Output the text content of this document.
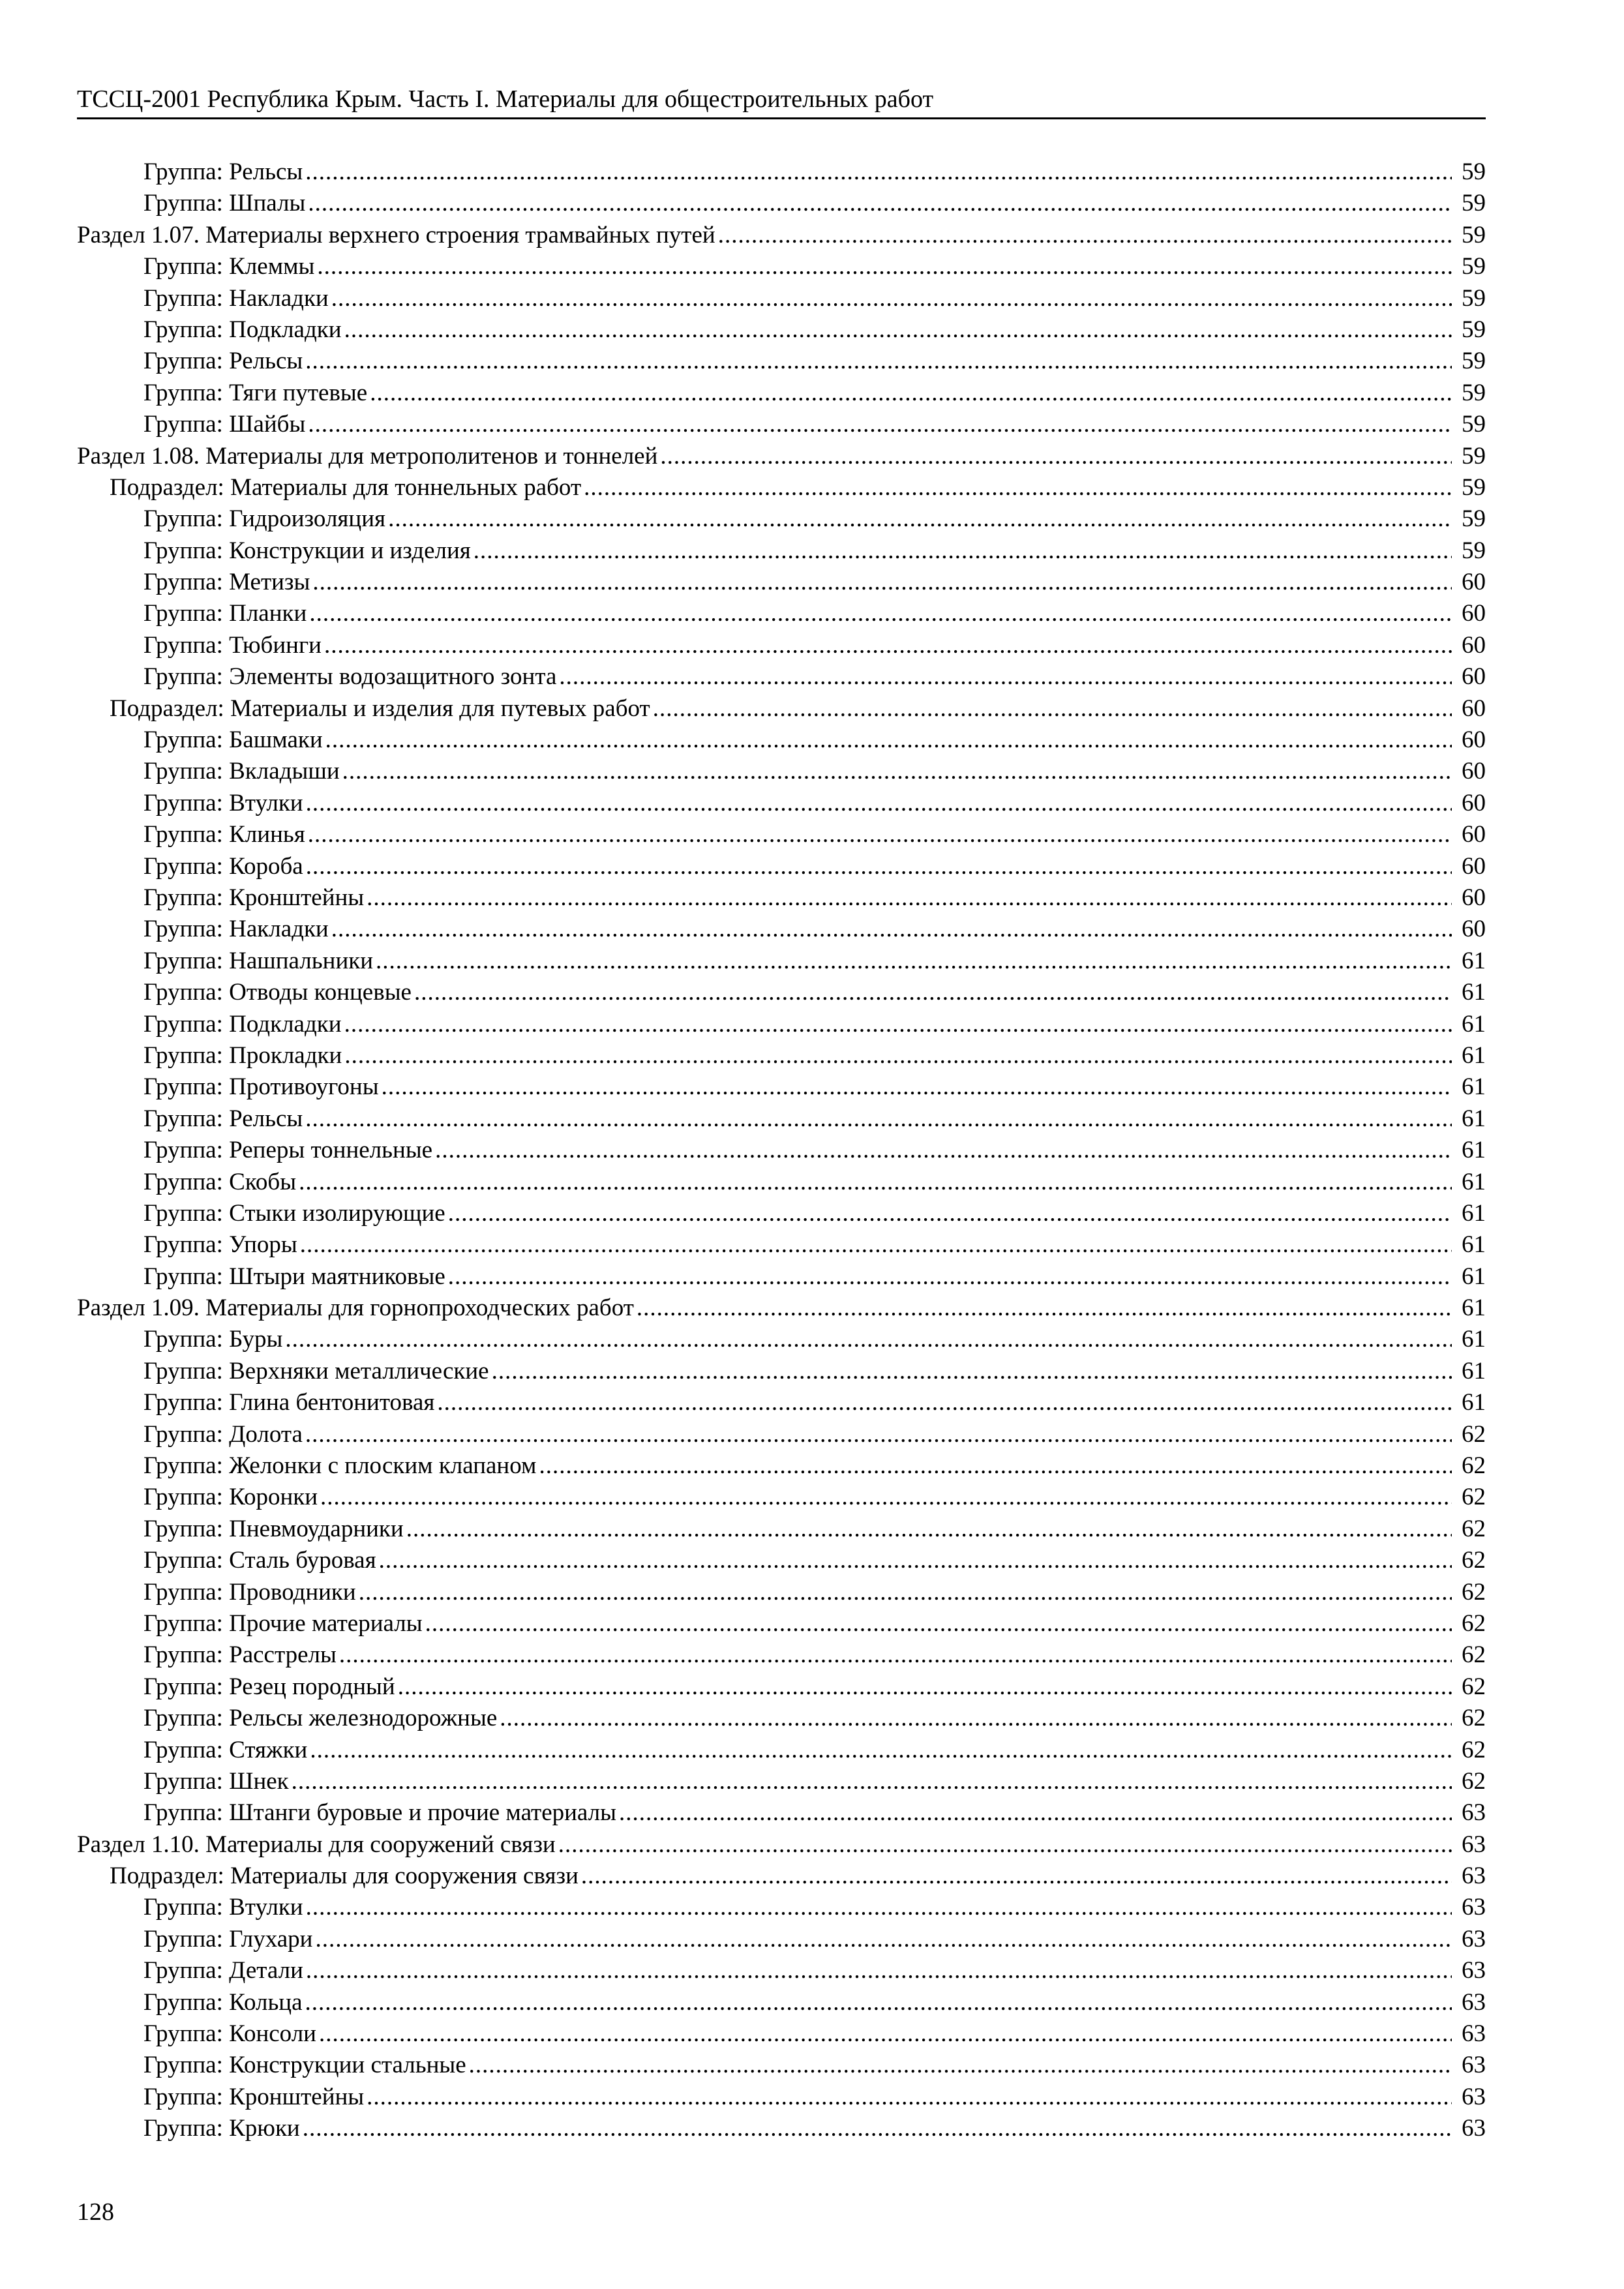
ТССЦ-2001 Республика Крым. Часть I. Материалы для общестроительных работ
Группа: Рельсы .....	59
Группа: Шпалы .....	59
Раздел 1.07. Материалы верхнего строения трамвайных путей .....	59
Группа: Клеммы .....	59
Группа: Накладки .....	59
Группа: Подкладки .....	59
Группа: Рельсы .....	59
Группа: Тяги путевые .....	59
Группа: Шайбы .....	59
Раздел 1.08. Материалы для метрополитенов и тоннелей .....	59
Подраздел: Материалы для тоннельных работ .....	59
Группа: Гидроизоляция .....	59
Группа: Конструкции и изделия .....	59
Группа: Метизы .....	60
Группа: Планки .....	60
Группа: Тюбинги .....	60
Группа: Элементы водозащитного зонта .....	60
Подраздел: Материалы и изделия для путевых работ .....	60
Группа: Башмаки .....	60
Группа: Вкладыши .....	60
Группа: Втулки .....	60
Группа: Клинья .....	60
Группа: Короба .....	60
Группа: Кронштейны .....	60
Группа: Накладки .....	60
Группа: Нашпальники .....	61
Группа: Отводы концевые .....	61
Группа: Подкладки .....	61
Группа: Прокладки .....	61
Группа: Противоугоны .....	61
Группа: Рельсы .....	61
Группа: Реперы тоннельные .....	61
Группа: Скобы .....	61
Группа: Стыки изолирующие .....	61
Группа: Упоры .....	61
Группа: Штыри маятниковые .....	61
Раздел 1.09. Материалы для горнопроходческих работ .....	61
Группа: Буры .....	61
Группа: Верхняки металлические .....	61
Группа: Глина бентонитовая .....	61
Группа: Долота .....	62
Группа: Желонки с плоским клапаном .....	62
Группа: Коронки .....	62
Группа: Пневмоударники .....	62
Группа: Сталь буровая .....	62
Группа: Проводники .....	62
Группа: Прочие материалы .....	62
Группа: Расстрелы .....	62
Группа: Резец породный .....	62
Группа: Рельсы железнодорожные .....	62
Группа: Стяжки .....	62
Группа: Шнек .....	62
Группа: Штанги буровые и прочие материалы .....	63
Раздел 1.10. Материалы для сооружений связи .....	63
Подраздел: Материалы для сооружения связи .....	63
Группа: Втулки .....	63
Группа: Глухари .....	63
Группа: Детали .....	63
Группа: Кольца .....	63
Группа: Консоли .....	63
Группа: Конструкции стальные .....	63
Группа: Кронштейны .....	63
Группа: Крюки .....	63
128
